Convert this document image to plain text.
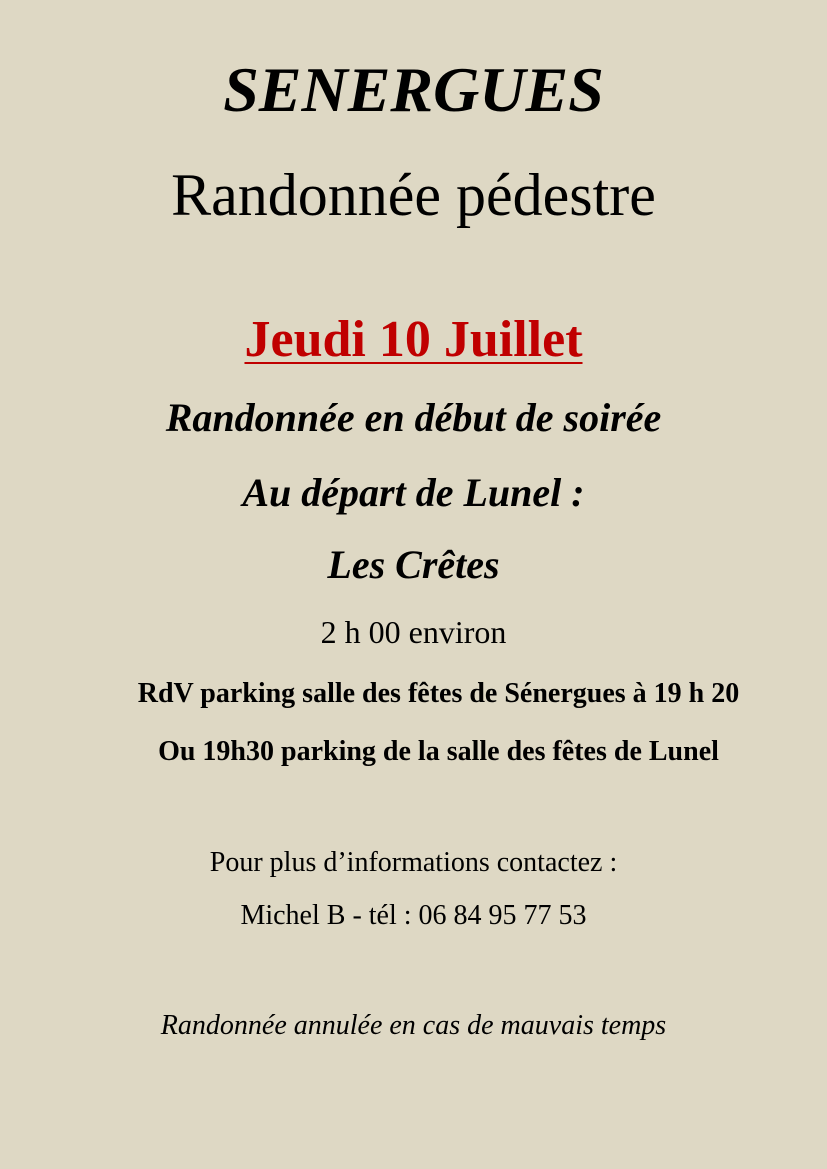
SENERGUES
Randonnée pédestre
Jeudi 10 Juillet
Randonnée en début de soirée
Au départ de Lunel :
Les Crêtes
2 h 00 environ
RdV parking salle des fêtes de Sénergues à 19 h 20
Ou 19h30 parking de la salle des fêtes de Lunel
Pour plus d’informations contactez :
Michel B - tél : 06 84 95 77 53
Randonnée annulée en cas de mauvais temps
